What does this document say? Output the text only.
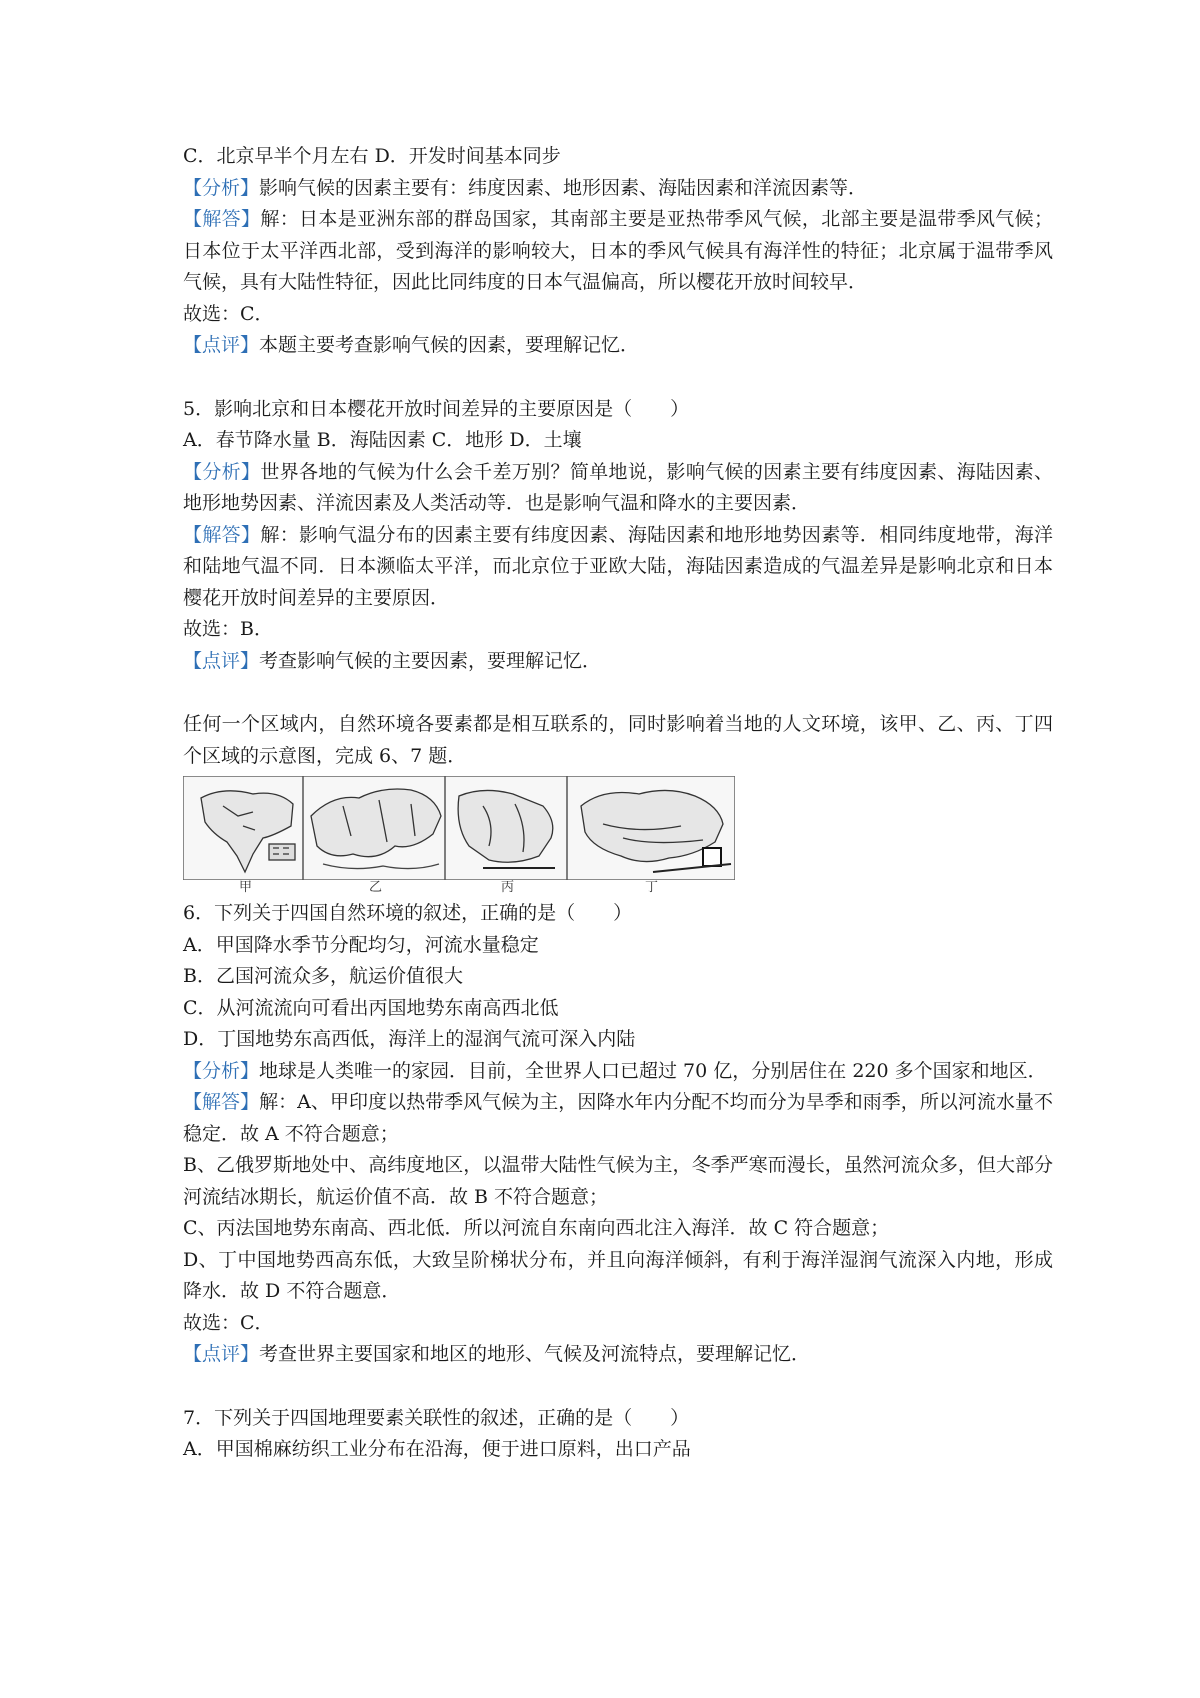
C．北京早半个月左右 D．开发时间基本同步
【分析】影响气候的因素主要有：纬度因素、地形因素、海陆因素和洋流因素等．
【解答】解：日本是亚洲东部的群岛国家，其南部主要是亚热带季风气候，北部主要是温带季风气候；日本位于太平洋西北部，受到海洋的影响较大，日本的季风气候具有海洋性的特征；北京属于温带季风气候，具有大陆性特征，因此比同纬度的日本气温偏高，所以樱花开放时间较早．
故选：C．
【点评】本题主要考查影响气候的因素，要理解记忆．
5．影响北京和日本樱花开放时间差异的主要原因是（　　）
A．春节降水量 B．海陆因素 C．地形 D．土壤
【分析】世界各地的气候为什么会千差万别？简单地说，影响气候的因素主要有纬度因素、海陆因素、地形地势因素、洋流因素及人类活动等．也是影响气温和降水的主要因素．
【解答】解：影响气温分布的因素主要有纬度因素、海陆因素和地形地势因素等．相同纬度地带，海洋和陆地气温不同．日本濒临太平洋，而北京位于亚欧大陆，海陆因素造成的气温差异是影响北京和日本樱花开放时间差异的主要原因．
故选：B．
【点评】考查影响气候的主要因素，要理解记忆．
任何一个区域内，自然环境各要素都是相互联系的，同时影响着当地的人文环境，该甲、乙、丙、丁四个区域的示意图，完成 6、7 题．
甲	乙	丙	丁
6．下列关于四国自然环境的叙述，正确的是（　　）
A．甲国降水季节分配均匀，河流水量稳定
B．乙国河流众多，航运价值很大
C．从河流流向可看出丙国地势东南高西北低
D．丁国地势东高西低，海洋上的湿润气流可深入内陆
【分析】地球是人类唯一的家园．目前，全世界人口已超过 70 亿，分别居住在 220 多个国家和地区．
【解答】解：A、甲印度以热带季风气候为主，因降水年内分配不均而分为旱季和雨季，所以河流水量不稳定．故 A 不符合题意；
B、乙俄罗斯地处中、高纬度地区，以温带大陆性气候为主，冬季严寒而漫长，虽然河流众多，但大部分河流结冰期长，航运价值不高．故 B 不符合题意；
C、丙法国地势东南高、西北低．所以河流自东南向西北注入海洋．故 C 符合题意；
D、丁中国地势西高东低，大致呈阶梯状分布，并且向海洋倾斜，有利于海洋湿润气流深入内地，形成降水．故 D 不符合题意．
故选：C．
【点评】考查世界主要国家和地区的地形、气候及河流特点，要理解记忆．
7．下列关于四国地理要素关联性的叙述，正确的是（　　）
A．甲国棉麻纺织工业分布在沿海，便于进口原料，出口产品
